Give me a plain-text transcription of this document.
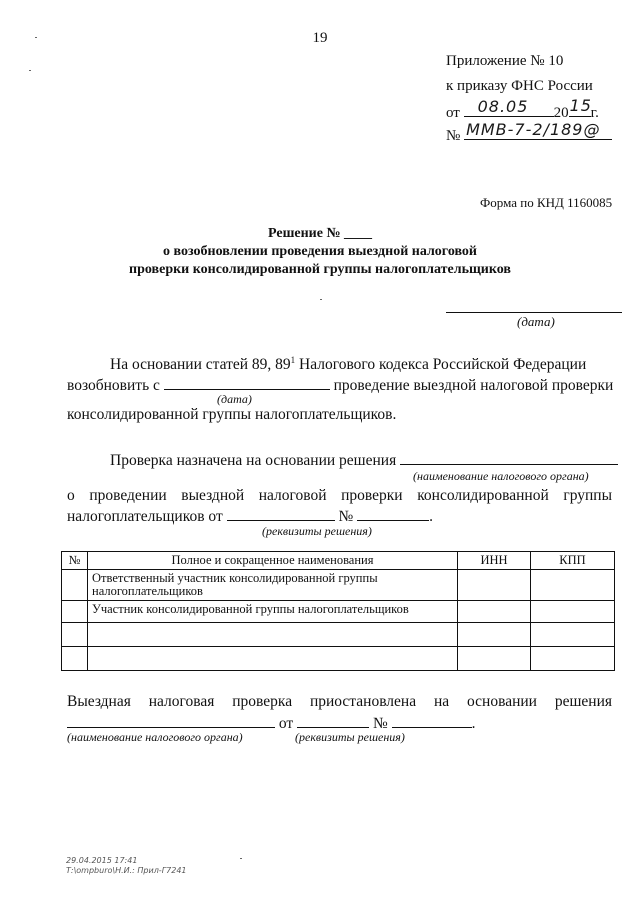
19
Приложение № 10
к приказу ФНС России
от 08.05 20 15
г.
№ ММВ-7-2/189@
Форма по КНД 1160085
Решение № ____
о возобновлении проведения выездной налоговой
проверки консолидированной группы налогоплательщиков
(дата)
На основании статей 89, $89^1$ Налогового кодекса Российской Федерации
возобновить с	проведение выездной налоговой проверки
(дата)
консолидированной группы налогоплательщиков.
Проверка назначена на основании решения
(наименование налогового органа)
о проведении выездной налоговой проверки консолидированной группы
налогоплательщиков от	№	.
(реквизиты решения)
№	Полное и сокращенное наименования	ИНН	КПП
	Ответственный участник консолидированной группы налогоплательщиков		
	Участник консолидированной группы налогоплательщиков		

Выездная налоговая проверка приостановлена на основании решения
от	№	.
(наименование налогового органа)	(реквизиты решения)
29.04.2015 17:41
Т:\ompburo\Н.И.: Прил-Г7241
